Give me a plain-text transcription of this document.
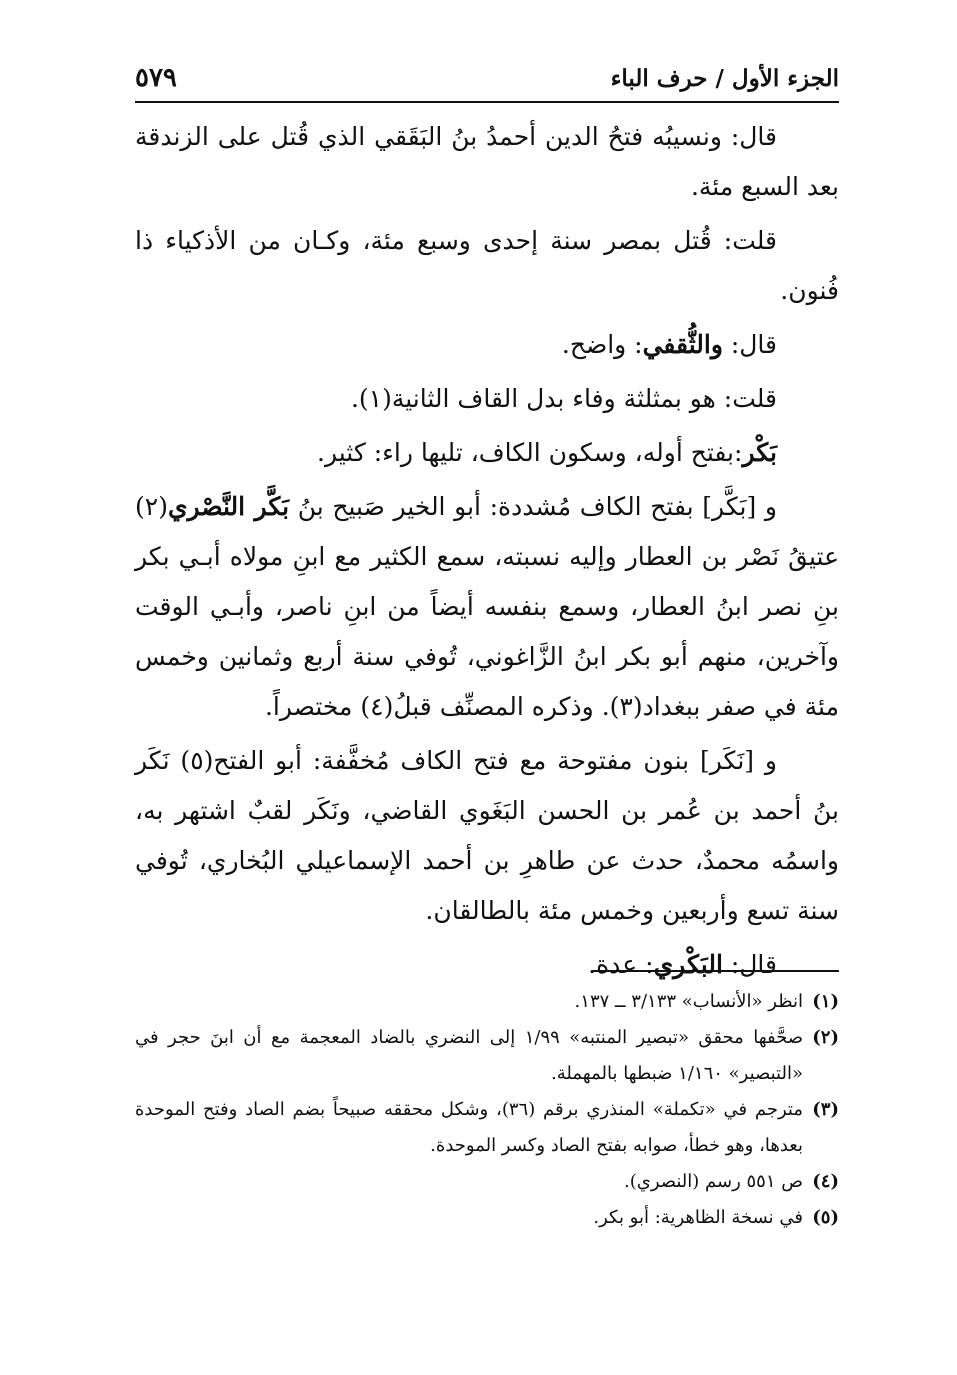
الجزء الأول / حرف الباء
٥٧٩

قال: ونسيبُه فتحُ الدين أحمدُ بنُ البَقَقي الذي قُتل على الزندقة بعد السبع مئة.

قلت: قُتل بمصر سنة إحدى وسبع مئة، وكـان من الأذكياء ذا فُنون.

قال: والثُّقفي: واضح.

قلت: هو بمثلثة وفاء بدل القاف الثانية(١).

بَكْر:بفتح أوله، وسكون الكاف، تليها راء: كثير.

و [بَكَّر] بفتح الكاف مُشددة: أبو الخير صَبيح بنُ بَكَّر النَّصْري(٢) عتيقُ نَصْر بن العطار وإليه نسبته، سمع الكثير مع ابنِ مولاه أبـي بكر بنِ نصر ابنُ العطار، وسمع بنفسه أيضاً من ابنِ ناصر، وأبـي الوقت وآخرين، منهم أبو بكر ابنُ الزَّاغوني، تُوفي سنة أربع وثمانين وخمس مئة في صفر ببغداد(٣). وذكره المصنِّف قبلُ(٤) مختصراً.

و [نَكَر] بنون مفتوحة مع فتح الكاف مُخفَّفة: أبو الفتح(٥) نَكَر بنُ أحمد بن عُمر بن الحسن البَغَوي القاضي، ونَكَر لقبٌ اشتهر به، واسمُه محمدٌ، حدث عن طاهرِ بن أحمد الإسماعيلي البُخاري، تُوفي سنة تسع وأربعين وخمس مئة بالطالقان.

قال: البَكْري: عدة.

(١)
انظر «الأنساب» ٣/١٣٣ ــ ١٣٧.
(٢)
صحَّفها محقق «تبصير المنتبه» ١/٩٩ إلى النضري بالضاد المعجمة مع أن ابنَ حجر في «التبصير» ١/١٦٠ ضبطها بالمهملة.
(٣)
مترجم في «تكملة» المنذري برقم (٣٦)، وشكل محققه صبيحاً بضم الصاد وفتح الموحدة بعدها، وهو خطأ، صوابه بفتح الصاد وكسر الموحدة.
(٤)
ص ٥٥١ رسم (النصري).
(٥)
في نسخة الظاهرية: أبو بكر.
